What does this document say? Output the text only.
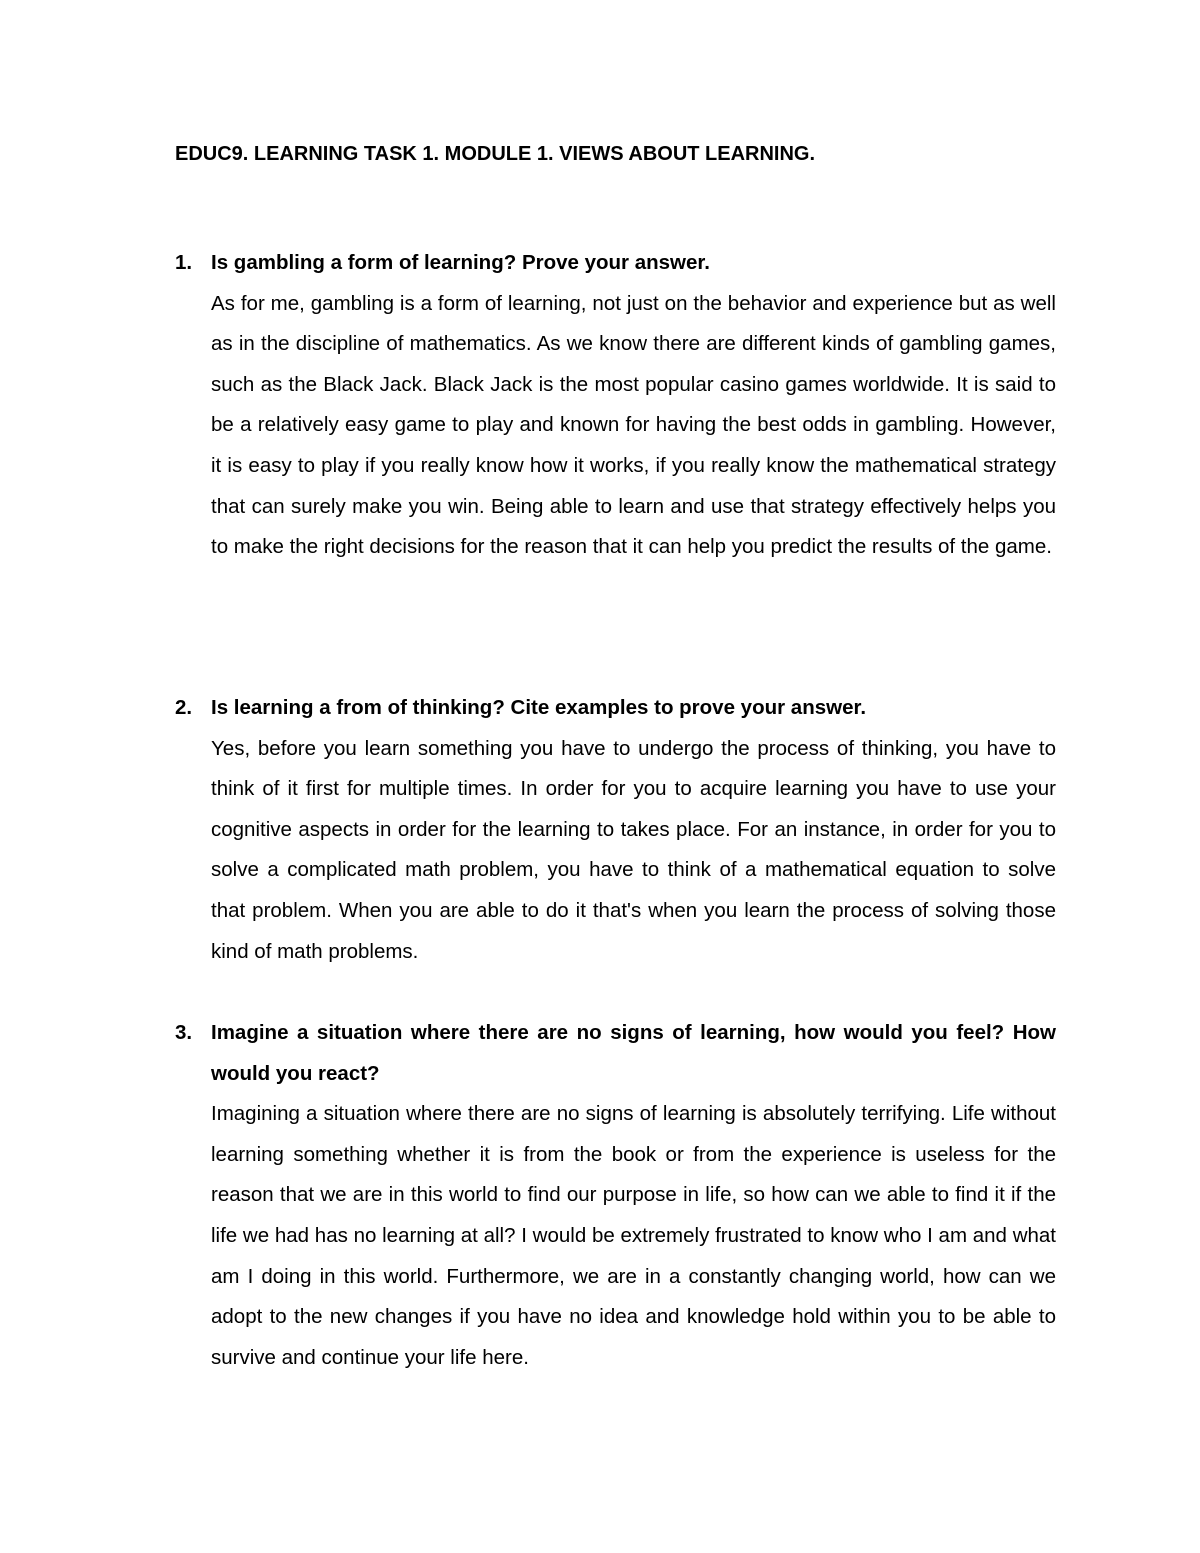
EDUC9. LEARNING TASK 1. MODULE 1. VIEWS ABOUT LEARNING.
1. Is gambling a form of learning? Prove your answer.
As for me, gambling is a form of learning, not just on the behavior and experience but as well as in the discipline of mathematics. As we know there are different kinds of gambling games, such as the Black Jack. Black Jack is the most popular casino games worldwide. It is said to be a relatively easy game to play and known for having the best odds in gambling. However, it is easy to play if you really know how it works, if you really know the mathematical strategy that can surely make you win. Being able to learn and use that strategy effectively helps you to make the right decisions for the reason that it can help you predict the results of the game.
2. Is learning a from of thinking? Cite examples to prove your answer.
Yes, before you learn something you have to undergo the process of thinking, you have to think of it first for multiple times. In order for you to acquire learning you have to use your cognitive aspects in order for the learning to takes place. For an instance, in order for you to solve a complicated math problem, you have to think of a mathematical equation to solve that problem. When you are able to do it that's when you learn the process of solving those kind of math problems.
3. Imagine a situation where there are no signs of learning, how would you feel? How would you react?
Imagining a situation where there are no signs of learning is absolutely terrifying. Life without learning something whether it is from the book or from the experience is useless for the reason that we are in this world to find our purpose in life, so how can we able to find it if the life we had has no learning at all? I would be extremely frustrated to know who I am and what am I doing in this world. Furthermore, we are in a constantly changing world, how can we adopt to the new changes if you have no idea and knowledge hold within you to be able to survive and continue your life here.
